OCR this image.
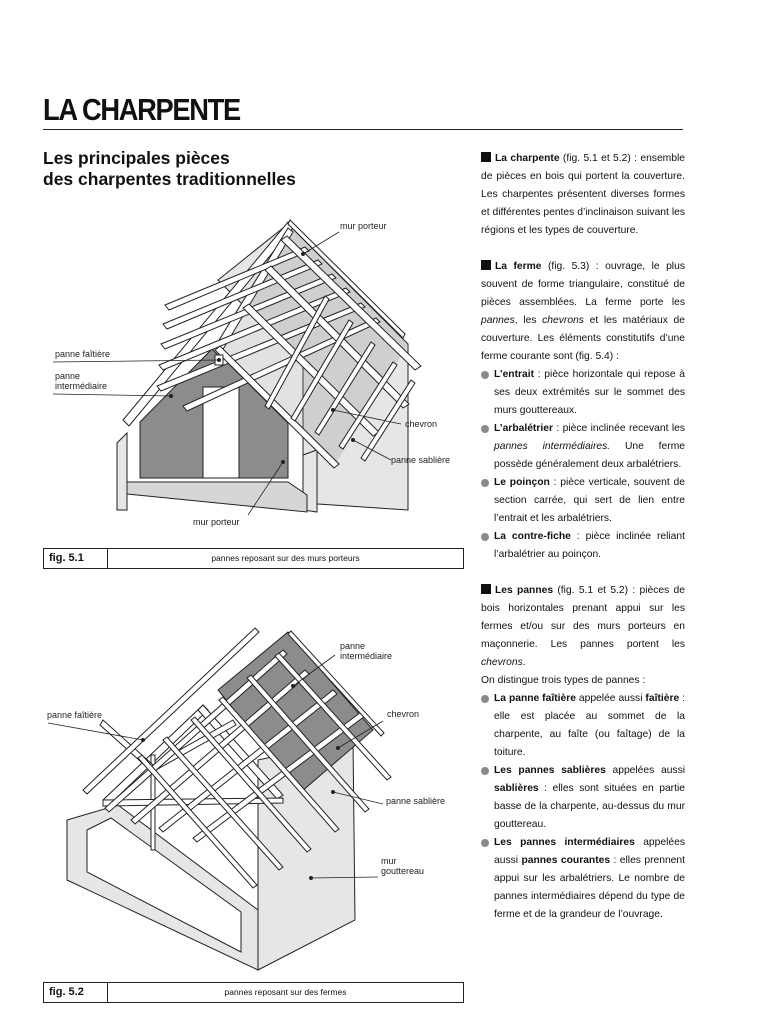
LA CHARPENTE
Les principales pièces
des charpentes traditionnelles
mur porteur
panne faîtière
panne
intermédiaire
chevron
panne sablière
mur porteur
fig. 5.1	pannes reposant sur des murs porteurs
panne
intermédiaire
panne faîtière	chevron
panne sablière
mur
gouttereau
fig. 5.2	pannes reposant sur des fermes

La charpente (fig. 5.1 et 5.2) : ensemble de pièces en bois qui portent la couverture. Les charpentes présentent diverses formes et différentes pentes d’inclinaison suivant les régions et les types de couverture.

La ferme (fig. 5.3) : ouvrage, le plus souvent de forme triangulaire, constitué de pièces assemblées. La ferme porte les pannes, les chevrons et les matériaux de couverture. Les éléments constitutifs d’une ferme courante sont (fig. 5.4) :

L’entrait : pièce horizontale qui repose à ses deux extrémités sur le sommet des murs gouttereaux.
L’arbalétrier : pièce inclinée recevant les pannes intermédiaires. Une ferme possède généralement deux arbalétriers.
Le poinçon : pièce verticale, souvent de section carrée, qui sert de lien entre l’entrait et les arbalétriers.
La contre-fiche : pièce inclinée reliant l’arbalétrier au poinçon.

Les pannes (fig. 5.1 et 5.2) : pièces de bois horizontales prenant appui sur les fermes et/ou sur des murs porteurs en maçonnerie. Les pannes portent les chevrons.
On distingue trois types de pannes :

La panne faîtière appelée aussi faîtière : elle est placée au sommet de la charpente, au faîte (ou faîtage) de la toiture.
Les pannes sablières appelées aussi sablières : elles sont situées en partie basse de la charpente, au-dessus du mur gouttereau.
Les pannes intermédiaires appelées aussi pannes courantes : elles prennent appui sur les arbalétriers. Le nombre de pannes intermédiaires dépend du type de ferme et de la grandeur de l’ouvrage.
